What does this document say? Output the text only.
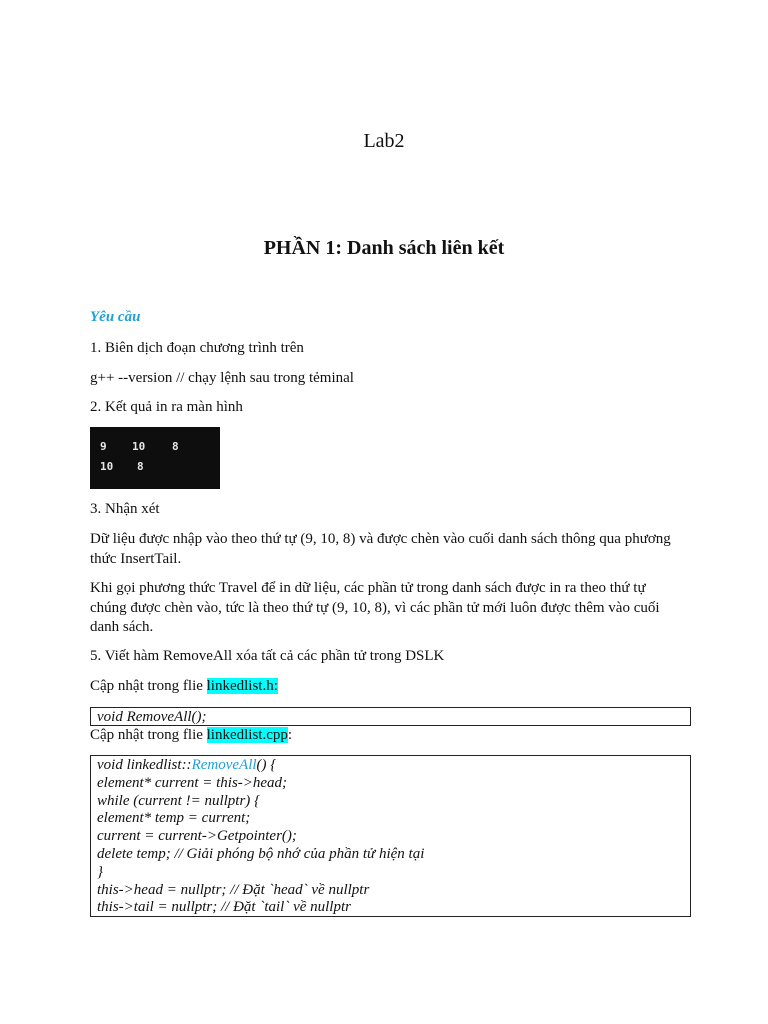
Lab2
PHẦN 1: Danh sách liên kết
Yêu cầu
1. Biên dịch đoạn chương trình trên
g++ --version // chạy lệnh sau trong tẻminal
2. Kết quả in ra màn hình
9 10 8
10 8
3. Nhận xét
Dữ liệu được nhập vào theo thứ tự (9, 10, 8) và được chèn vào cuối danh sách thông qua phương
thức InsertTail.
Khi gọi phương thức Travel để in dữ liệu, các phần tử trong danh sách được in ra theo thứ tự
chúng được chèn vào, tức là theo thứ tự (9, 10, 8), vì các phần tử mới luôn được thêm vào cuối
danh sách.
5. Viết hàm RemoveAll xóa tất cả các phần tử trong DSLK
Cập nhật trong flie linkedlist.h:
void RemoveAll();
Cập nhật trong flie linkedlist.cpp:
void linkedlist::RemoveAll() {
element* current = this->head;
while (current != nullptr) {
element* temp = current;
current = current->Getpointer();
delete temp; // Giải phóng bộ nhớ của phần tử hiện tại
}
this->head = nullptr; // Đặt `head` về nullptr
this->tail = nullptr; // Đặt `tail` về nullptr
